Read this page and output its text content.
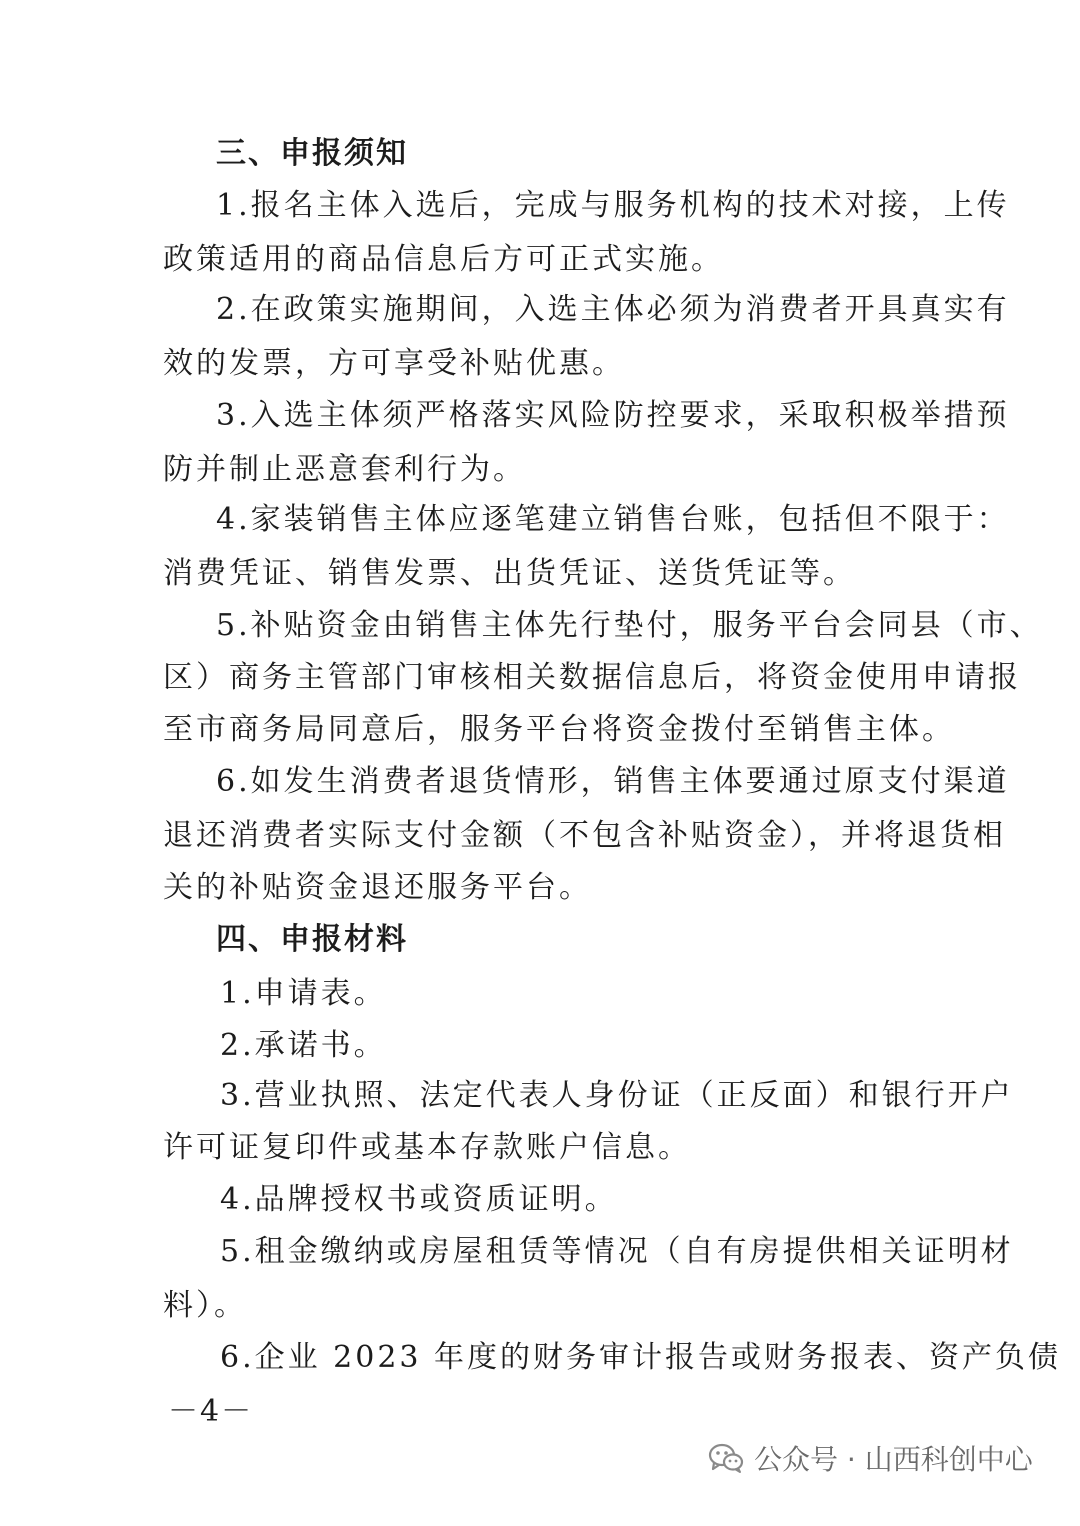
三、申报须知

1.报名主体入选后，完成与服务机构的技术对接，上传

政策适用的商品信息后方可正式实施。

2.在政策实施期间，入选主体必须为消费者开具真实有

效的发票，方可享受补贴优惠。

3.入选主体须严格落实风险防控要求，采取积极举措预

防并制止恶意套利行为。

4.家装销售主体应逐笔建立销售台账，包括但不限于：

消费凭证、销售发票、出货凭证、送货凭证等。

5.补贴资金由销售主体先行垫付，服务平台会同县（市、

区）商务主管部门审核相关数据信息后，将资金使用申请报

至市商务局同意后，服务平台将资金拨付至销售主体。

6.如发生消费者退货情形，销售主体要通过原支付渠道

退还消费者实际支付金额（不包含补贴资金），并将退货相

关的补贴资金退还服务平台。

四、申报材料

1.申请表。

2.承诺书。

3.营业执照、法定代表人身份证（正反面）和银行开户

许可证复印件或基本存款账户信息。

4.品牌授权书或资质证明。

5.租金缴纳或房屋租赁等情况（自有房提供相关证明材

料）。

6.企业 2023 年度的财务审计报告或财务报表、资产负债

－4－
公众号 · 山西科创中心
